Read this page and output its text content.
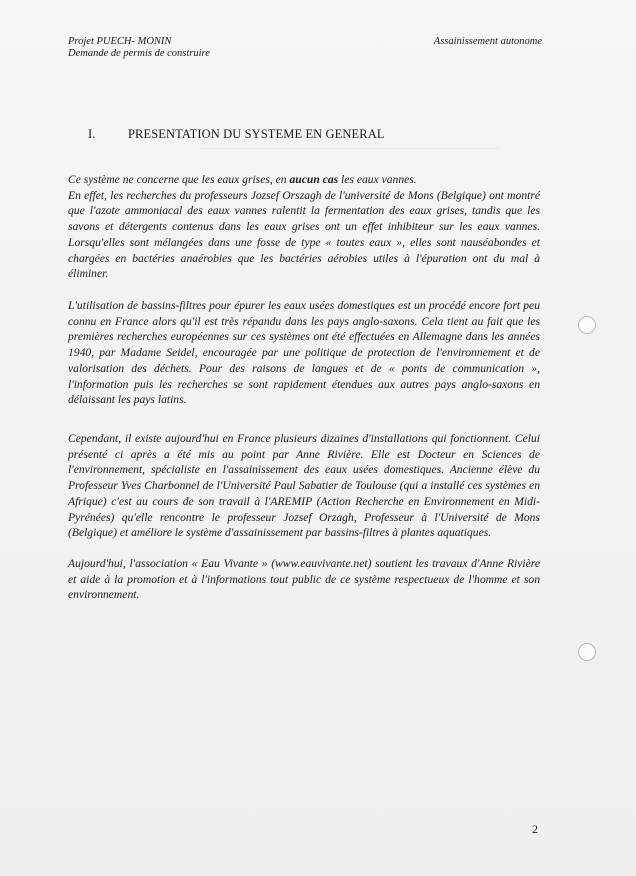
Projet PUECH- MONIN
Demande de permis de construire
Assainissement autonome
I.	PRESENTATION DU SYSTEME EN GENERAL

Ce système ne concerne que les eaux grises, en aucun cas les eaux vannes.
En effet, les recherches du professeurs Jozsef Orszagh de l'université de Mons (Belgique) ont montré que l'azote ammoniacal des eaux vannes ralentit la fermentation des eaux grises, tandis que les savons et détergents contenus dans les eaux grises ont un effet inhibiteur sur les eaux vannes. Lorsqu'elles sont mélangées dans une fosse de type « toutes eaux », elles sont nauséabondes et chargées en bactéries anaérobies que les bactéries aérobies utiles à l'épuration ont du mal à éliminer.

L'utilisation de bassins-filtres pour épurer les eaux usées domestiques est un procédé encore fort peu connu en France alors qu'il est très répandu dans les pays anglo-saxons. Cela tient au fait que les premières recherches européennes sur ces systèmes ont été effectuées en Allemagne dans les années 1940, par Madame Seidel, encouragée par une politique de protection de l'environnement et de valorisation des déchets. Pour des raisons de langues et de « ponts de communication », l'information puis les recherches se sont rapidement étendues aux autres pays anglo-saxons en délaissant les pays latins.

Cependant, il existe aujourd'hui en France plusieurs dizaines d'installations qui fonctionnent. Celui présenté ci après a été mis au point par Anne Rivière. Elle est Docteur en Sciences de l'environnement, spécialiste en l'assainissement des eaux usées domestiques. Ancienne élève du Professeur Yves Charbonnel de l'Université Paul Sabatier de Toulouse (qui a installé ces systèmes en Afrique) c'est au cours de son travail à l'AREMIP (Action Recherche en Environnement en Midi-Pyrénées) qu'elle rencontre le professeur Jozsef Orzagh, Professeur à l'Université de Mons (Belgique) et améliore le système d'assainissement par bassins-filtres à plantes aquatiques.

Aujourd'hui, l'association « Eau Vivante » (www.eauvivante.net) soutient les travaux d'Anne Rivière et aide à la promotion et à l'informations tout public de ce système respectueux de l'homme et son environnement.

2
